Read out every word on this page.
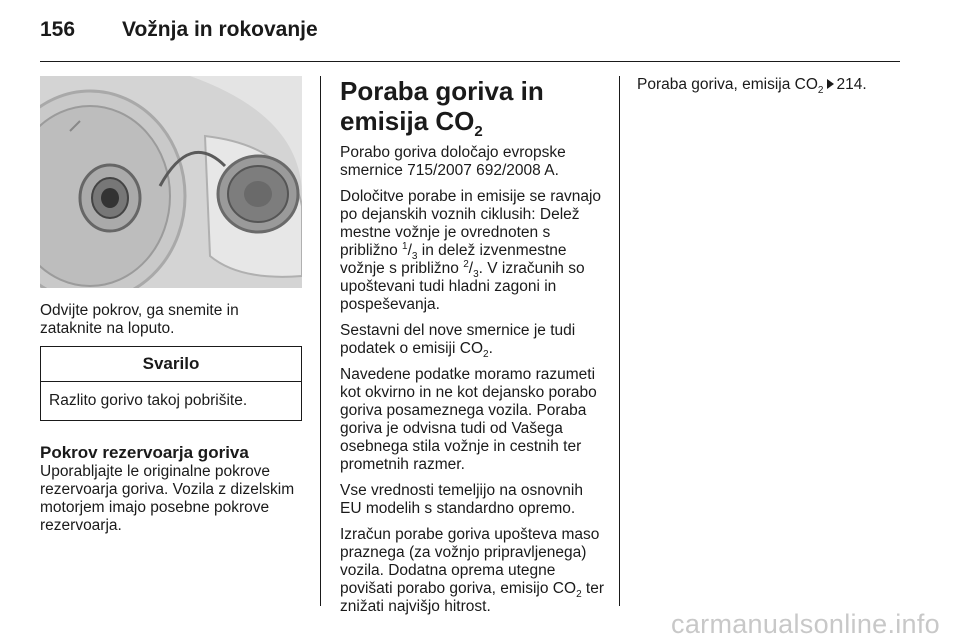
156 Vožnja in rokovanje

Odvijte pokrov, ga snemite in zataknite na loputo.

Svarilo
Razlito gorivo takoj pobrišite.
Pokrov rezervoarja goriva

Uporabljajte le originalne pokrove rezervoarja goriva. Vozila z dizelskim motorjem imajo posebne pokrove rezervoarja.

Poraba goriva in emisija $CO_2$

Porabo goriva določajo evropske smernice 715/2007 692/2008 A.

Določitve porabe in emisije se ravnajo po dejanskih voznih ciklusih: Delež mestne vožnje je ovrednoten s približno $^1/_3$ in delež izvenmestne vožnje s približno $^2/_3$. V izračunih so upoštevani tudi hladni zagoni in pospeševanja.

Sestavni del nove smernice je tudi podatek o emisiji $CO_2$.

Navedene podatke moramo razumeti kot okvirno in ne kot dejansko porabo goriva posameznega vozila. Poraba goriva je odvisna tudi od Vašega osebnega stila vožnje in cestnih ter prometnih razmer.

Vse vrednosti temeljijo na osnovnih EU modelih s standardno opremo.

Izračun porabe goriva upošteva maso praznega (za vožnjo pripravljenega) vozila. Dodatna oprema utegne povišati porabo goriva, emisijo $CO_2$ ter znižati najvišjo hitrost.

Poraba goriva, emisija $CO_2$ 214.

carmanualsonline.info
